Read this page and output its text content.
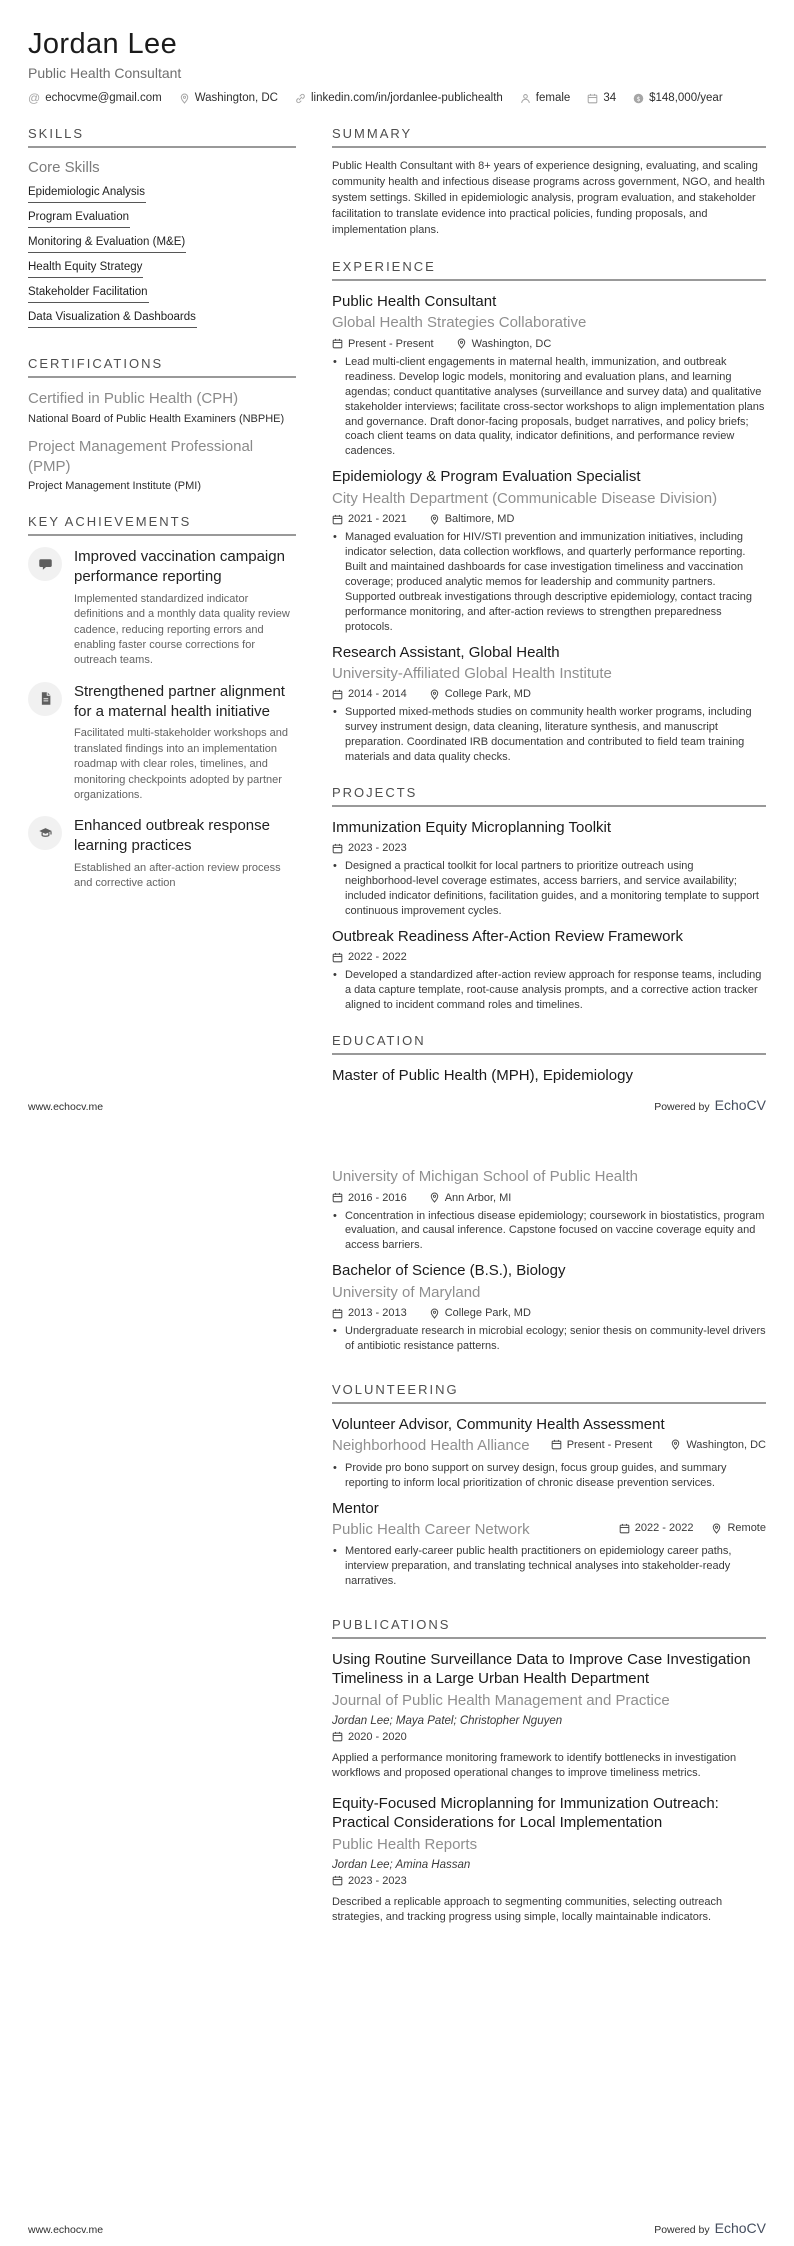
Jordan Lee
Public Health Consultant
@ echocvme@gmail.com	Washington, DC	linkedin.com/in/jordanlee-publichealth	female	34	$148,000/year
SKILLS
Core Skills
Epidemiologic Analysis
Program Evaluation
Monitoring & Evaluation (M&E)
Health Equity Strategy
Stakeholder Facilitation
Data Visualization & Dashboards
CERTIFICATIONS
Certified in Public Health (CPH)
National Board of Public Health Examiners (NBPHE)
Project Management Professional (PMP)
Project Management Institute (PMI)
KEY ACHIEVEMENTS
Improved vaccination campaign performance reporting
Implemented standardized indicator definitions and a monthly data quality review cadence, reducing reporting errors and enabling faster course corrections for outreach teams.
Strengthened partner alignment for a maternal health initiative
Facilitated multi-stakeholder workshops and translated findings into an implementation roadmap with clear roles, timelines, and monitoring checkpoints adopted by partner organizations.
Enhanced outbreak response learning practices
Established an after-action review process and corrective action
SUMMARY
Public Health Consultant with 8+ years of experience designing, evaluating, and scaling community health and infectious disease programs across government, NGO, and health system settings. Skilled in epidemiologic analysis, program evaluation, and stakeholder facilitation to translate evidence into practical policies, funding proposals, and implementation plans.
EXPERIENCE
Public Health Consultant
Global Health Strategies Collaborative
Present - Present	Washington, DC
• Lead multi-client engagements in maternal health, immunization, and outbreak readiness. Develop logic models, monitoring and evaluation plans, and learning agendas; conduct quantitative analyses (surveillance and survey data) and qualitative stakeholder interviews; facilitate cross-sector workshops to align implementation plans and governance. Draft donor-facing proposals, budget narratives, and policy briefs; coach client teams on data quality, indicator definitions, and performance review cadences.
Epidemiology & Program Evaluation Specialist
City Health Department (Communicable Disease Division)
2021 - 2021	Baltimore, MD
• Managed evaluation for HIV/STI prevention and immunization initiatives, including indicator selection, data collection workflows, and quarterly performance reporting. Built and maintained dashboards for case investigation timeliness and vaccination coverage; produced analytic memos for leadership and community partners. Supported outbreak investigations through descriptive epidemiology, contact tracing performance monitoring, and after-action reviews to strengthen preparedness protocols.
Research Assistant, Global Health
University-Affiliated Global Health Institute
2014 - 2014	College Park, MD
• Supported mixed-methods studies on community health worker programs, including survey instrument design, data cleaning, literature synthesis, and manuscript preparation. Coordinated IRB documentation and contributed to field team training materials and data quality checks.
PROJECTS
Immunization Equity Microplanning Toolkit
2023 - 2023
• Designed a practical toolkit for local partners to prioritize outreach using neighborhood-level coverage estimates, access barriers, and service availability; included indicator definitions, facilitation guides, and a monitoring template to support continuous improvement cycles.
Outbreak Readiness After-Action Review Framework
2022 - 2022
• Developed a standardized after-action review approach for response teams, including a data capture template, root-cause analysis prompts, and a corrective action tracker aligned to incident command roles and timelines.
EDUCATION
Master of Public Health (MPH), Epidemiology
www.echocv.me	Powered by EchoCV
University of Michigan School of Public Health
2016 - 2016	Ann Arbor, MI
• Concentration in infectious disease epidemiology; coursework in biostatistics, program evaluation, and causal inference. Capstone focused on vaccine coverage equity and access barriers.
Bachelor of Science (B.S.), Biology
University of Maryland
2013 - 2013	College Park, MD
• Undergraduate research in microbial ecology; senior thesis on community-level drivers of antibiotic resistance patterns.
VOLUNTEERING
Volunteer Advisor, Community Health Assessment
Neighborhood Health Alliance	Present - Present	Washington, DC
• Provide pro bono support on survey design, focus group guides, and summary reporting to inform local prioritization of chronic disease prevention services.
Mentor
Public Health Career Network	2022 - 2022	Remote
• Mentored early-career public health practitioners on epidemiology career paths, interview preparation, and translating technical analyses into stakeholder-ready narratives.
PUBLICATIONS
Using Routine Surveillance Data to Improve Case Investigation Timeliness in a Large Urban Health Department
Journal of Public Health Management and Practice
Jordan Lee; Maya Patel; Christopher Nguyen
2020 - 2020
Applied a performance monitoring framework to identify bottlenecks in investigation workflows and proposed operational changes to improve timeliness metrics.
Equity-Focused Microplanning for Immunization Outreach: Practical Considerations for Local Implementation
Public Health Reports
Jordan Lee; Amina Hassan
2023 - 2023
Described a replicable approach to segmenting communities, selecting outreach strategies, and tracking progress using simple, locally maintainable indicators.
www.echocv.me	Powered by EchoCV
